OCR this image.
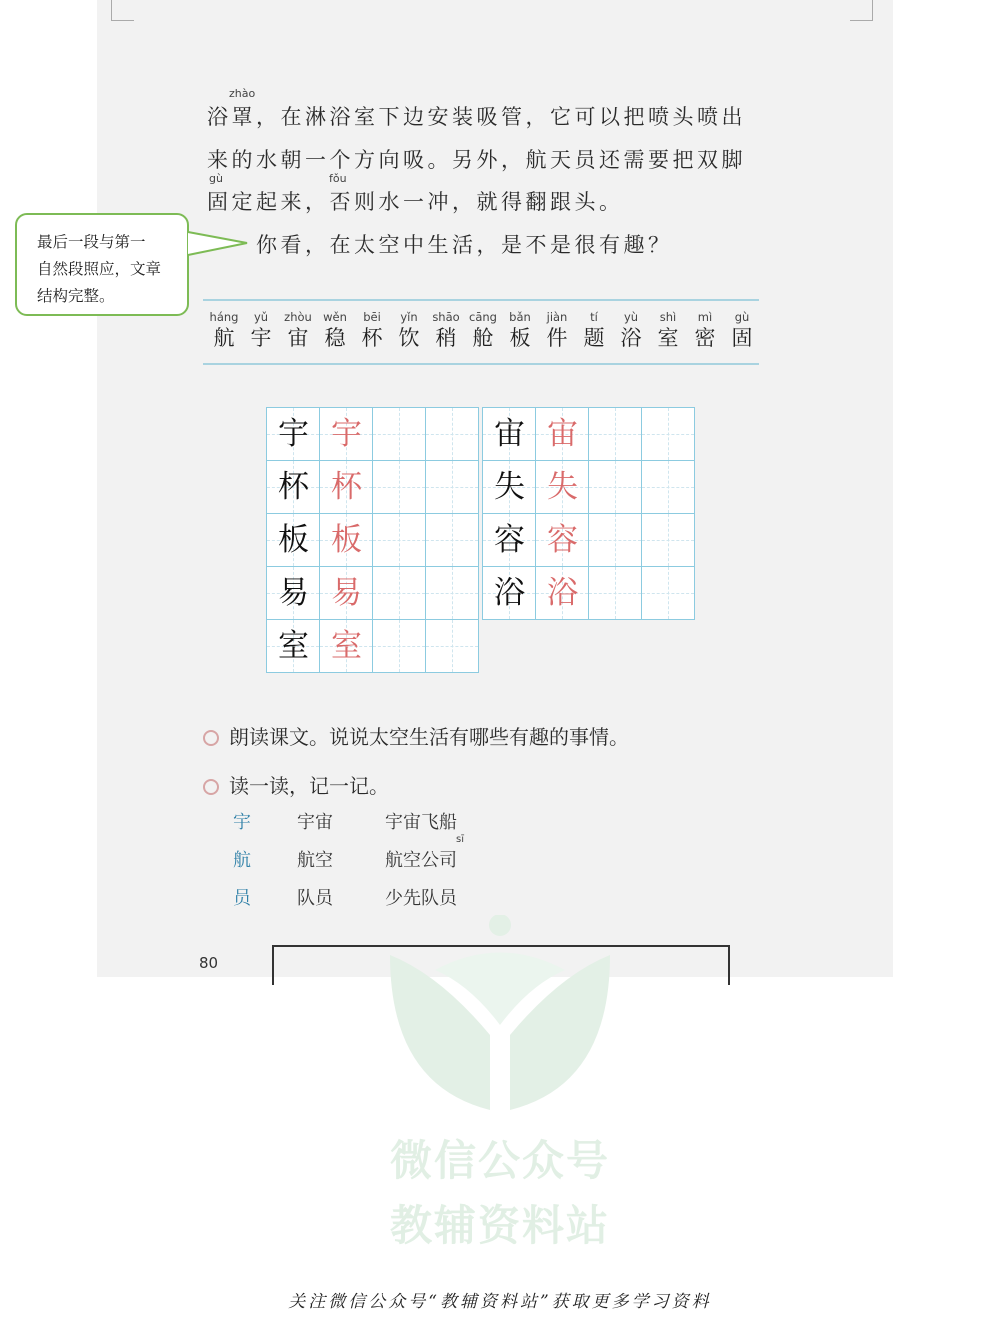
zhào
浴罩，在淋浴室下边安装吸管，它可以把喷头喷出
来的水朝一个方向吸。另外，航天员还需要把双脚
gù	fǒu
固定起来，否则水一冲，就得翻跟头。
你看，在太空中生活，是不是很有趣？
最后一段与第一
自然段照应，文章
结构完整。
háng
航
yǔ
宇
zhòu
宙
wěn
稳
bēi
杯
yǐn
饮
shāo
稍
cāng
舱
bǎn
板
jiàn
件
tí
题
yù
浴
shì
室
mì
密
gù
固
宇 宇
杯 杯
板 板
易 易
室 室
宙 宙
失 失
容 容
浴 浴
朗读课文。说说太空生活有哪些有趣的事情。
读一读，记一记。
宇	宇宙	宇宙飞船
航	航空	航空公司
员	队员	少先队员
sī
80
微信公众号
教辅资料站
关注微信公众号“教辅资料站”获取更多学习资料
